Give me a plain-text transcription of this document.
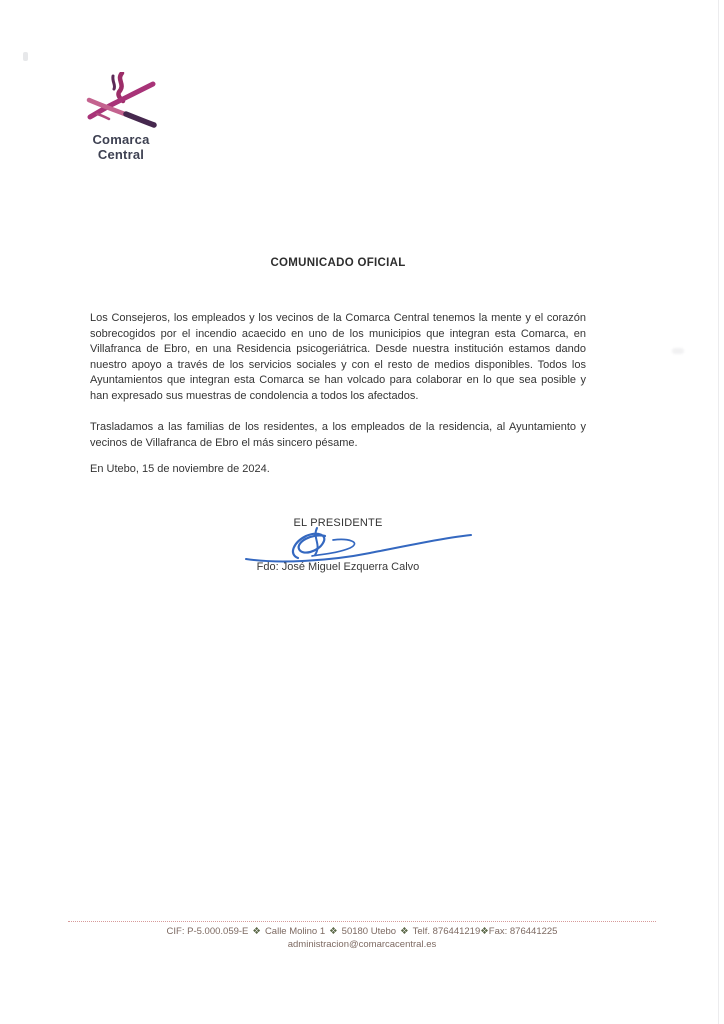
Comarca
Central
COMUNICADO OFICIAL
Los Consejeros, los empleados y los vecinos de la Comarca Central tenemos la mente y el corazón sobrecogidos por el incendio acaecido en uno de los municipios que integran esta Comarca, en Villafranca de Ebro, en una Residencia psicogeriátrica. Desde nuestra institución estamos dando nuestro apoyo a través de los servicios sociales y con el resto de medios disponibles. Todos los Ayuntamientos que integran esta Comarca se han volcado para colaborar en lo que sea posible y han expresado sus muestras de condolencia a todos los afectados.
Trasladamos a las familias de los residentes, a los empleados de la residencia, al Ayuntamiento y vecinos de Villafranca de Ebro el más sincero pésame.
En Utebo, 15 de noviembre de 2024.
EL PRESIDENTE
Fdo: José Miguel Ezquerra Calvo
CIF: P-5.000.059-E ❖ Calle Molino 1 ❖ 50180 Utebo ❖ Telf. 876441219❖Fax: 876441225
administracion@comarcacentral.es
